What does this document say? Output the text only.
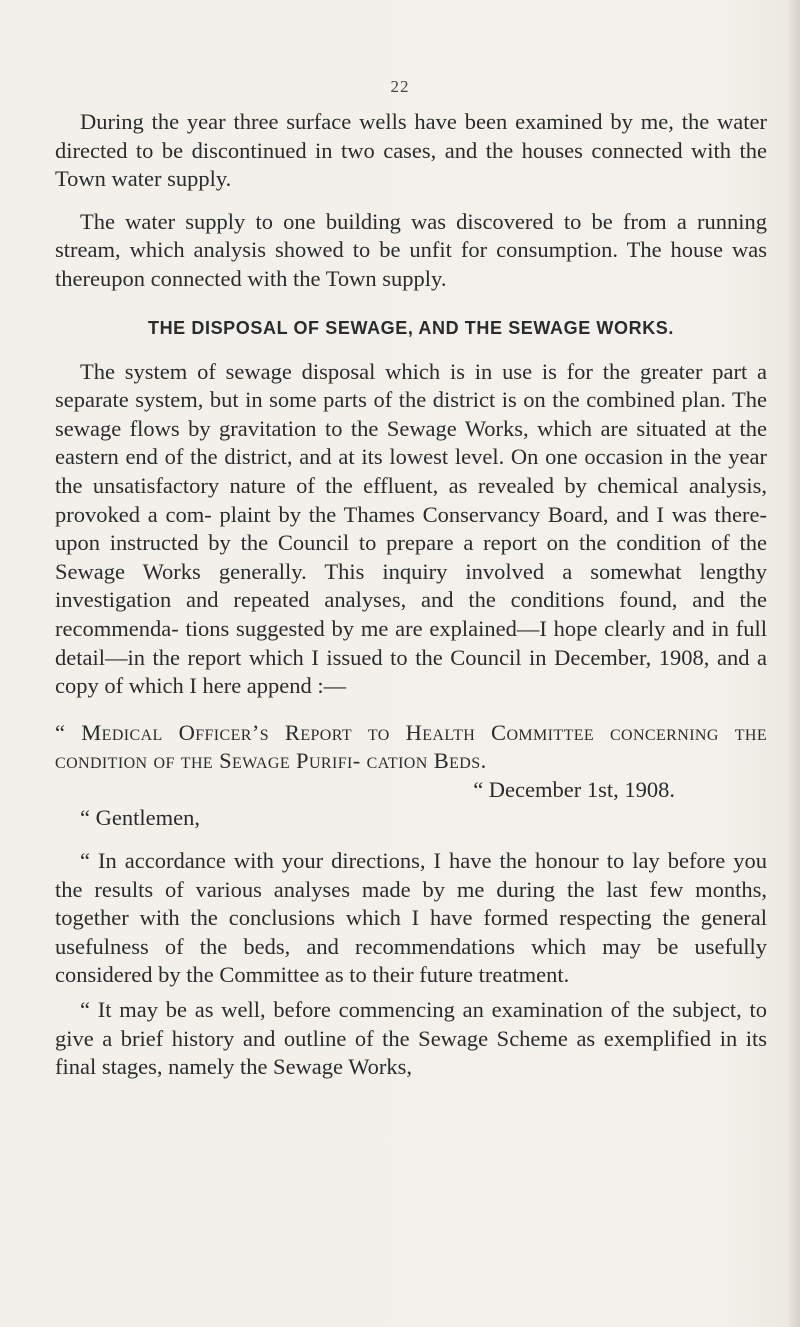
22

During the year three surface wells have been examined by me, the water directed to be discontinued in two cases, and the houses connected with the Town water supply.

The water supply to one building was discovered to be from a running stream, which analysis showed to be unfit for consumption. The house was thereupon connected with the Town supply.

THE DISPOSAL OF SEWAGE, AND THE SEWAGE WORKS.

The system of sewage disposal which is in use is for the greater part a separate system, but in some parts of the district is on the combined plan. The sewage flows by gravitation to the Sewage Works, which are situated at the eastern end of the district, and at its lowest level. On one occasion in the year the unsatisfactory nature of the effluent, as revealed by chemical analysis, provoked a com- plaint by the Thames Conservancy Board, and I was there- upon instructed by the Council to prepare a report on the condition of the Sewage Works generally. This inquiry involved a somewhat lengthy investigation and repeated analyses, and the conditions found, and the recommenda- tions suggested by me are explained—I hope clearly and in full detail—in the report which I issued to the Council in December, 1908, and a copy of which I here append :—

“ Medical Officer’s Report to Health Committee concerning the condition of the Sewage Purifi- cation Beds.

“ December 1st, 1908.

“ Gentlemen,

“ In accordance with your directions, I have the honour to lay before you the results of various analyses made by me during the last few months, together with the conclusions which I have formed respecting the general usefulness of the beds, and recommendations which may be usefully considered by the Committee as to their future treatment.

“ It may be as well, before commencing an examination of the subject, to give a brief history and outline of the Sewage Scheme as exemplified in its final stages, namely the Sewage Works,
